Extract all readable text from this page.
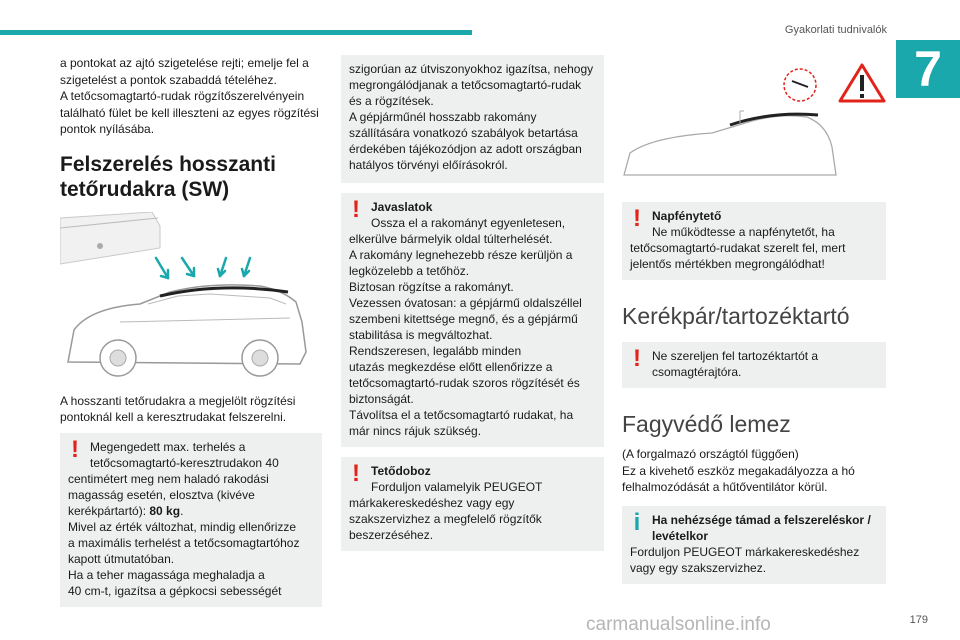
Gyakorlati tudnivalók
7
a pontokat az ajtó szigetelése rejti; emelje fel a
szigetelést a pontok szabaddá tételéhez.
A tetőcsomagtartó-rudak rögzítőszerelvényein
található fület be kell illeszteni az egyes rögzítési
pontok nyílásába.
Felszerelés hosszanti
tetőrudakra (SW)
A hosszanti tetőrudakra a megjelölt rögzítési
pontoknál kell a keresztrudakat felszerelni.
! Megengedett max. terhelés a
tetőcsomagtartó-keresztrudakon 40
centimétert meg nem haladó rakodási
magasság esetén, elosztva (kivéve
kerékpártartó): 80 kg.
Mivel az érték változhat, mindig ellenőrizze
a maximális terhelést a tetőcsomagtartóhoz
kapott útmutatóban.
Ha a teher magassága meghaladja a
40 cm-t, igazítsa a gépkocsi sebességét
szigorúan az útviszonyokhoz igazítsa, nehogy
megrongálódjanak a tetőcsomagtartó-rudak
és a rögzítések.
A gépjárműnél hosszabb rakomány
szállítására vonatkozó szabályok betartása
érdekében tájékozódjon az adott országban
hatályos törvényi előírásokról.
! Javaslatok
Ossza el a rakományt egyenletesen,
elkerülve bármelyik oldal túlterhelését.
A rakomány legnehezebb része kerüljön a
legközelebb a tetőhöz.
Biztosan rögzítse a rakományt.
Vezessen óvatosan: a gépjármű oldalszéllel
szembeni kitettsége megnő, és a gépjármű
stabilitása is megváltozhat.
Rendszeresen, legalább minden
utazás megkezdése előtt ellenőrizze a
tetőcsomagtartó-rudak szoros rögzítését és
biztonságát.
Távolítsa el a tetőcsomagtartó rudakat, ha
már nincs rájuk szükség.
! Tetődoboz
Forduljon valamelyik PEUGEOT
márkakereskedéshez vagy egy
szakszervizhez a megfelelő rögzítők
beszerzéséhez.
! Napfénytető
Ne működtesse a napfénytetőt, ha
tetőcsomagtartó-rudakat szerelt fel, mert
jelentős mértékben megrongálódhat!
Kerékpár/tartozéktartó
! Ne szereljen fel tartozéktartót a
csomagtérajtóra.
Fagyvédő lemez
(A forgalmazó országtól függően)
Ez a kivehető eszköz megakadályozza a hó
felhalmozódását a hűtőventilátor körül.
i Ha nehézsége támad a felszereléskor /
levételkor
Forduljon PEUGEOT márkakereskedéshez
vagy egy szakszervizhez.
carmanualsonline.info	179
